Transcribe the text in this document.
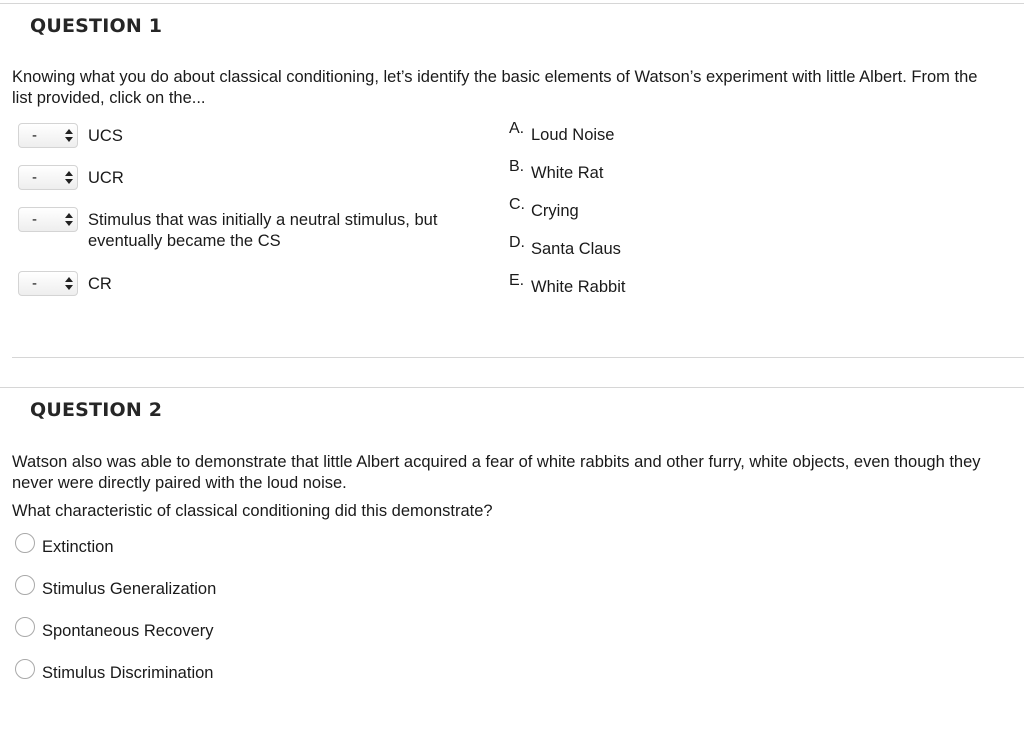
QUESTION 1
Knowing what you do about classical conditioning, let’s identify the basic elements of Watson’s experiment with little Albert. From the list provided, click on the...
-	UCS
-	UCR
-	Stimulus that was initially a neutral stimulus, but eventually became the CS
-	CR
A. Loud Noise
B. White Rat
C. Crying
D. Santa Claus
E. White Rabbit
QUESTION 2
Watson also was able to demonstrate that little Albert acquired a fear of white rabbits and other furry, white objects, even though they never were directly paired with the loud noise.
What characteristic of classical conditioning did this demonstrate?
Extinction
Stimulus Generalization
Spontaneous Recovery
Stimulus Discrimination
